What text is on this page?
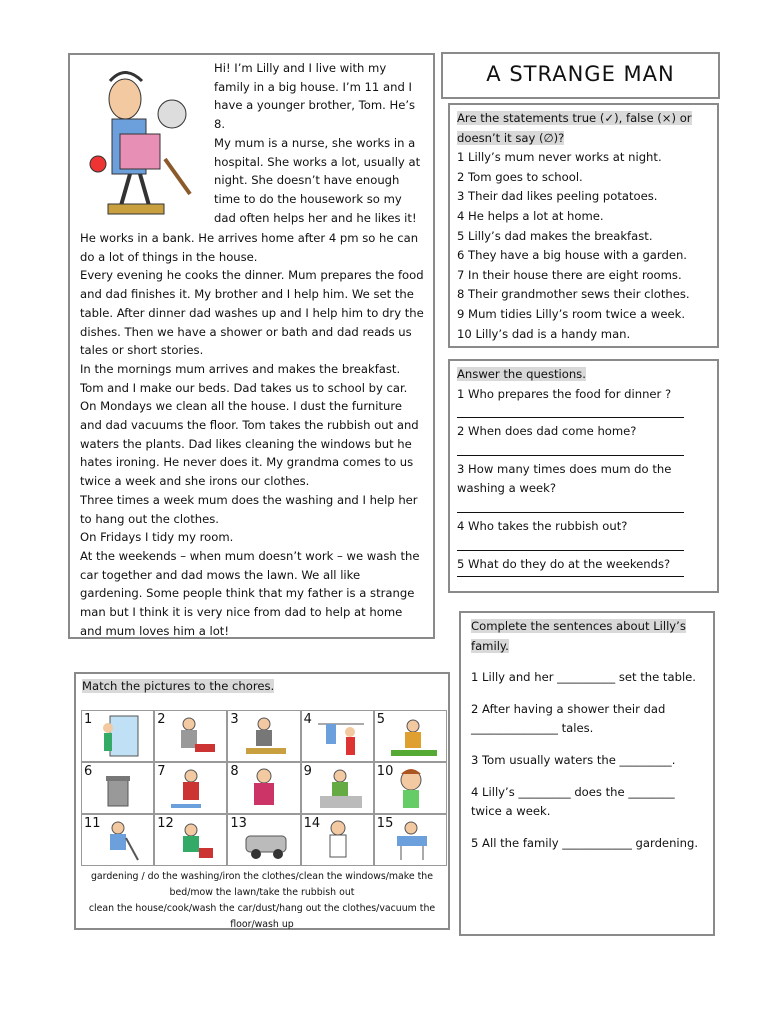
A STRANGE MAN

Hi! I’m Lilly and I live with my family in a big house. I’m 11 and I have a younger brother, Tom. He’s 8.

My mum is a nurse, she works in a hospital. She works a lot, usually at night. She doesn’t have enough time to do the housework so my dad often helps her and he likes it!

He works in a bank. He arrives home after 4 pm so he can do a lot of things in the house.

Every evening he cooks the dinner. Mum prepares the food and dad finishes it. My brother and I help him. We set the table. After dinner dad washes up and I help him to dry the dishes. Then we have a shower or bath and dad reads us tales or short stories.

In the mornings mum arrives and makes the breakfast. Tom and I make our beds. Dad takes us to school by car.

On Mondays we clean all the house. I dust the furniture and dad vacuums the floor. Tom takes the rubbish out and waters the plants. Dad likes cleaning the windows but he hates ironing. He never does it. My grandma comes to us twice a week and she irons our clothes.

Three times a week mum does the washing and I help her to hang out the clothes.

On Fridays I tidy my room.

At the weekends – when mum doesn’t work – we wash the car together and dad mows the lawn. We all like gardening. Some people think that my father is a strange man but I think it is very nice from dad to help at home and mum loves him a lot!

Are the statements true (✓), false (×) or doesn’t it say (∅)?
1 Lilly’s mum never works at night.
2 Tom goes to school.
3 Their dad likes peeling potatoes.
4 He helps a lot at home.
5 Lilly’s dad makes the breakfast.
6 They have a big house with a garden.
7 In their house there are eight rooms.
8 Their grandmother sews their clothes.
9 Mum tidies Lilly’s room twice a week.
10 Lilly’s dad is a handy man.
Answer the questions.
1 Who prepares the food for dinner ?
2 When does dad come home?
3 How many times does mum do the washing a week?
4 Who takes the rubbish out?
5 What do they do at the weekends?
Complete the sentences about Lilly’s family.
1 Lilly and her __________ set the table.
2 After having a shower their dad _______________ tales.
3 Tom usually waters the _________.
4 Lilly’s _________ does the ________ twice a week.
5 All the family ____________ gardening.
Match the pictures to the chores.
1	2	3	4	5
6	7	8	9	10
11	12	13	14	15
gardening / do the washing/iron the clothes/clean the windows/make the bed/mow the lawn/take the rubbish out
clean the house/cook/wash the car/dust/hang out the clothes/vacuum the floor/wash up
